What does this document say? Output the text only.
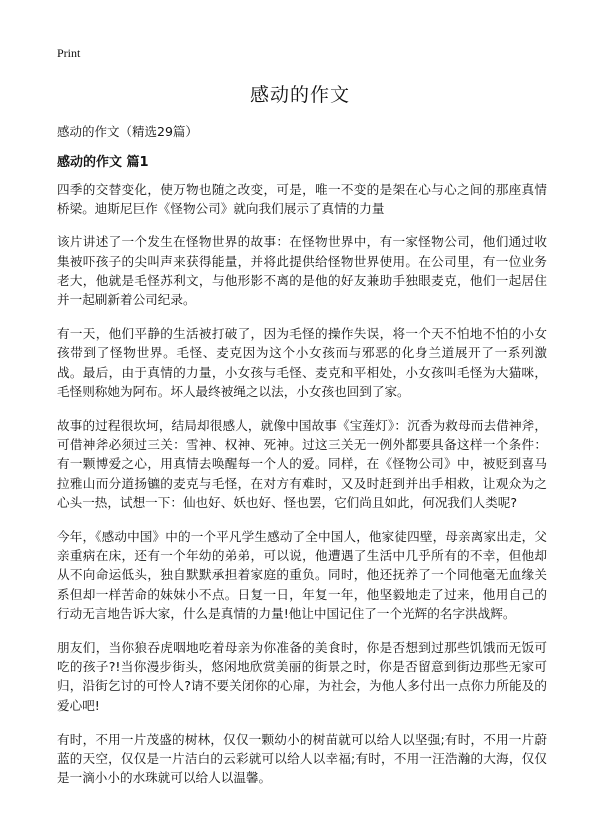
Print
感动的作文
感动的作文（精选29篇）
感动的作文 篇1

四季的交替变化，使万物也随之改变，可是，唯一不变的是架在心与心之间的那座真情桥梁。迪斯尼巨作《怪物公司》就向我们展示了真情的力量

该片讲述了一个发生在怪物世界的故事：在怪物世界中，有一家怪物公司，他们通过收集被吓孩子的尖叫声来获得能量，并将此提供给怪物世界使用。在公司里，有一位业务老大，他就是毛怪苏利文，与他形影不离的是他的好友兼助手独眼麦克，他们一起居住并一起刷新着公司纪录。

有一天，他们平静的生活被打破了，因为毛怪的操作失误，将一个天不怕地不怕的小女孩带到了怪物世界。毛怪、麦克因为这个小女孩而与邪恶的化身兰道展开了一系列激战。最后，由于真情的力量，小女孩与毛怪、麦克和平相处，小女孩叫毛怪为大猫咪，毛怪则称她为阿布。坏人最终被绳之以法，小女孩也回到了家。

故事的过程很坎坷，结局却很感人，就像中国故事《宝莲灯》：沉香为救母而去借神斧，可借神斧必须过三关：雪神、权神、死神。过这三关无一例外都要具备这样一个条件：有一颗博爱之心，用真情去唤醒每一个人的爱。同样，在《怪物公司》中，被贬到喜马拉雅山而分道扬镳的麦克与毛怪，在对方有难时，又及时赶到并出手相救，让观众为之心头一热，试想一下：仙也好、妖也好、怪也罢，它们尚且如此，何况我们人类呢?

今年，《感动中国》中的一个平凡学生感动了全中国人，他家徒四壁，母亲离家出走，父亲重病在床，还有一个年幼的弟弟，可以说，他遭遇了生活中几乎所有的不幸，但他却从不向命运低头，独自默默承担着家庭的重负。同时，他还抚养了一个同他毫无血缘关系但却一样苦命的妹妹小不点。日复一日，年复一年，他坚毅地走了过来，他用自己的行动无言地告诉大家，什么是真情的力量!他让中国记住了一个光辉的名字洪战辉。

朋友们，当你狼吞虎咽地吃着母亲为你准备的美食时，你是否想到过那些饥饿而无饭可吃的孩子?!当你漫步街头，悠闲地欣赏美丽的街景之时，你是否留意到街边那些无家可归，沿街乞讨的可怜人?请不要关闭你的心扉，为社会，为他人多付出一点你力所能及的爱心吧!

有时，不用一片茂盛的树林，仅仅一颗幼小的树苗就可以给人以坚强;有时，不用一片蔚蓝的天空，仅仅是一片洁白的云彩就可以给人以幸福;有时，不用一汪浩瀚的大海，仅仅是一滴小小的水珠就可以给人以温馨。
